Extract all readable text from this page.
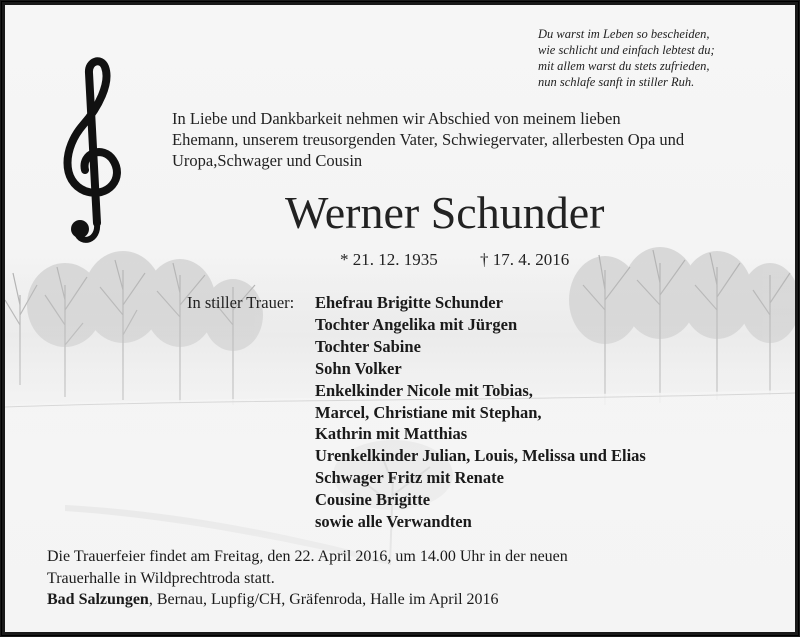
Du warst im Leben so bescheiden,
wie schlicht und einfach lebtest du;
mit allem warst du stets zufrieden,
nun schlafe sanft in stiller Ruh.
In Liebe und Dankbarkeit nehmen wir Abschied von meinem lieben
Ehemann, unserem treusorgenden Vater, Schwiegervater, allerbesten Opa und
Uropa,Schwager und Cousin
Werner Schunder
* 21. 12. 1935 † 17. 4. 2016
In stiller Trauer: Ehefrau Brigitte Schunder
Tochter Angelika mit Jürgen
Tochter Sabine
Sohn Volker
Enkelkinder Nicole mit Tobias,
Marcel, Christiane mit Stephan,
Kathrin mit Matthias
Urenkelkinder Julian, Louis, Melissa und Elias
Schwager Fritz mit Renate
Cousine Brigitte
sowie alle Verwandten
Die Trauerfeier findet am Freitag, den 22. April 2016, um 14.00 Uhr in der neuen
Trauerhalle in Wildprechtroda statt.
Bad Salzungen, Bernau, Lupfig/CH, Gräfenroda, Halle im April 2016
